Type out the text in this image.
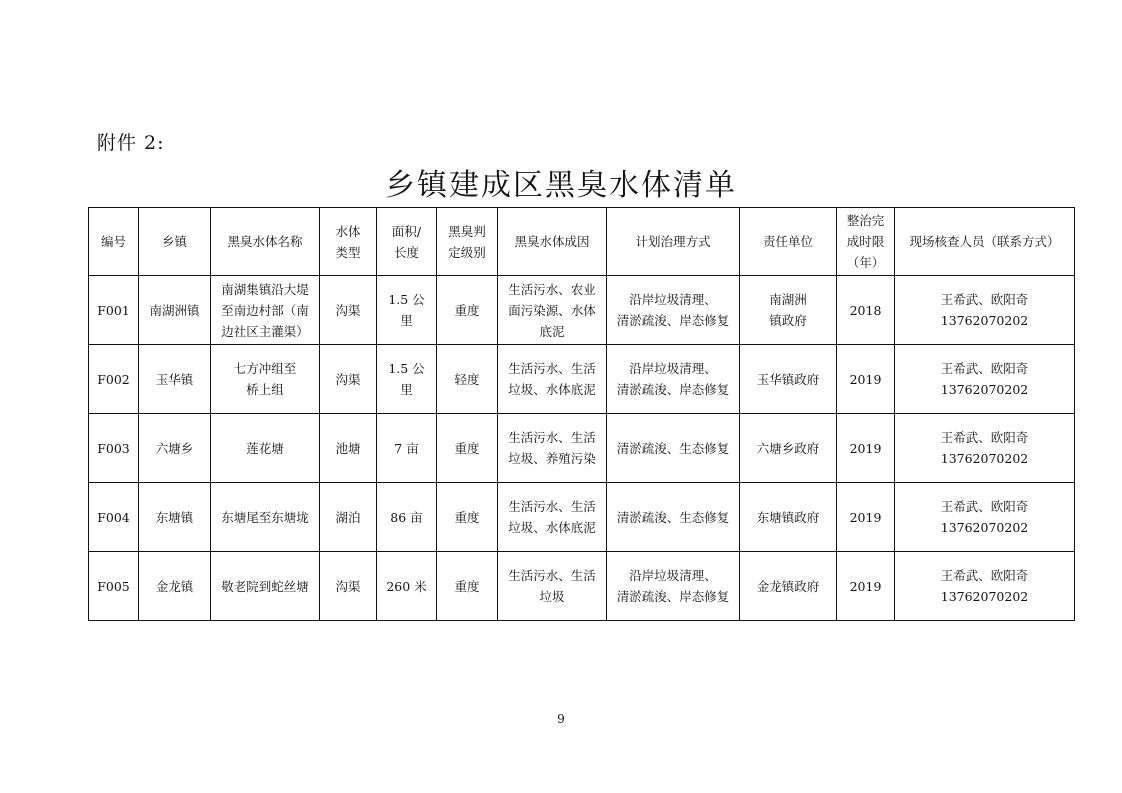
附件 2:
乡镇建成区黑臭水体清单
编号	乡镇	黑臭水体名称	水体
类型	面积/
长度	黑臭判
定级别	黑臭水体成因	计划治理方式	责任单位	整治完
成时限
（年）	现场核查人员（联系方式）

F001	南湖洲镇	南湖集镇沿大堤
至南边村部（南
边社区主灌渠）	沟渠	1.5 公
里	重度	生活污水、农业
面污染源、水体
底泥	沿岸垃圾清理、
清淤疏浚、岸态修复	南湖洲
镇政府	2018	王希武、欧阳奇 13762070202

F002	玉华镇	七方冲组至
桥上组	沟渠	1.5 公
里	轻度	生活污水、生活
垃圾、水体底泥	沿岸垃圾清理、
清淤疏浚、岸态修复	玉华镇政府	2019	王希武、欧阳奇 13762070202

F003	六塘乡	莲花塘	池塘	7 亩	重度	生活污水、生活
垃圾、养殖污染	清淤疏浚、生态修复	六塘乡政府	2019	王希武、欧阳奇 13762070202

F004	东塘镇	东塘尾至东塘垅	湖泊	86 亩	重度	生活污水、生活
垃圾、水体底泥	清淤疏浚、生态修复	东塘镇政府	2019	王希武、欧阳奇 13762070202

F005	金龙镇	敬老院到蛇丝塘	沟渠	260 米	重度	生活污水、生活
垃圾	沿岸垃圾清理、
清淤疏浚、岸态修复	金龙镇政府	2019	王希武、欧阳奇 13762070202
9
